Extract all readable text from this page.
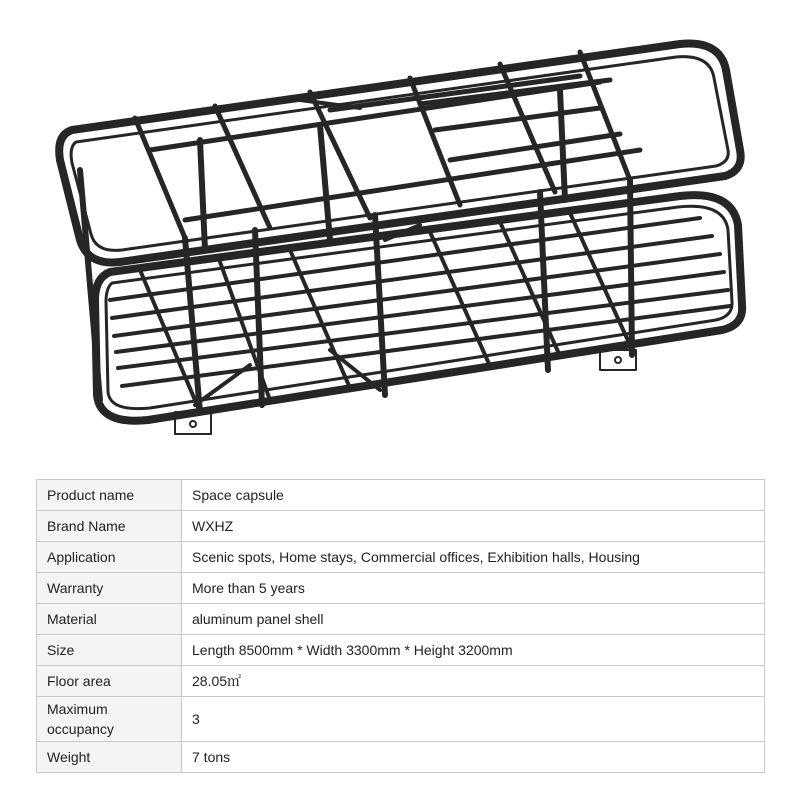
Product name	Space capsule
Brand Name	WXHZ
Application	Scenic spots, Home stays, Commercial offices, Exhibition halls, Housing
Warranty	More than 5 years
Material	aluminum panel shell
Size	Length 8500mm * Width 3300mm * Height 3200mm
Floor area	28.05㎡
Maximum occupancy	3
Weight	7 tons
